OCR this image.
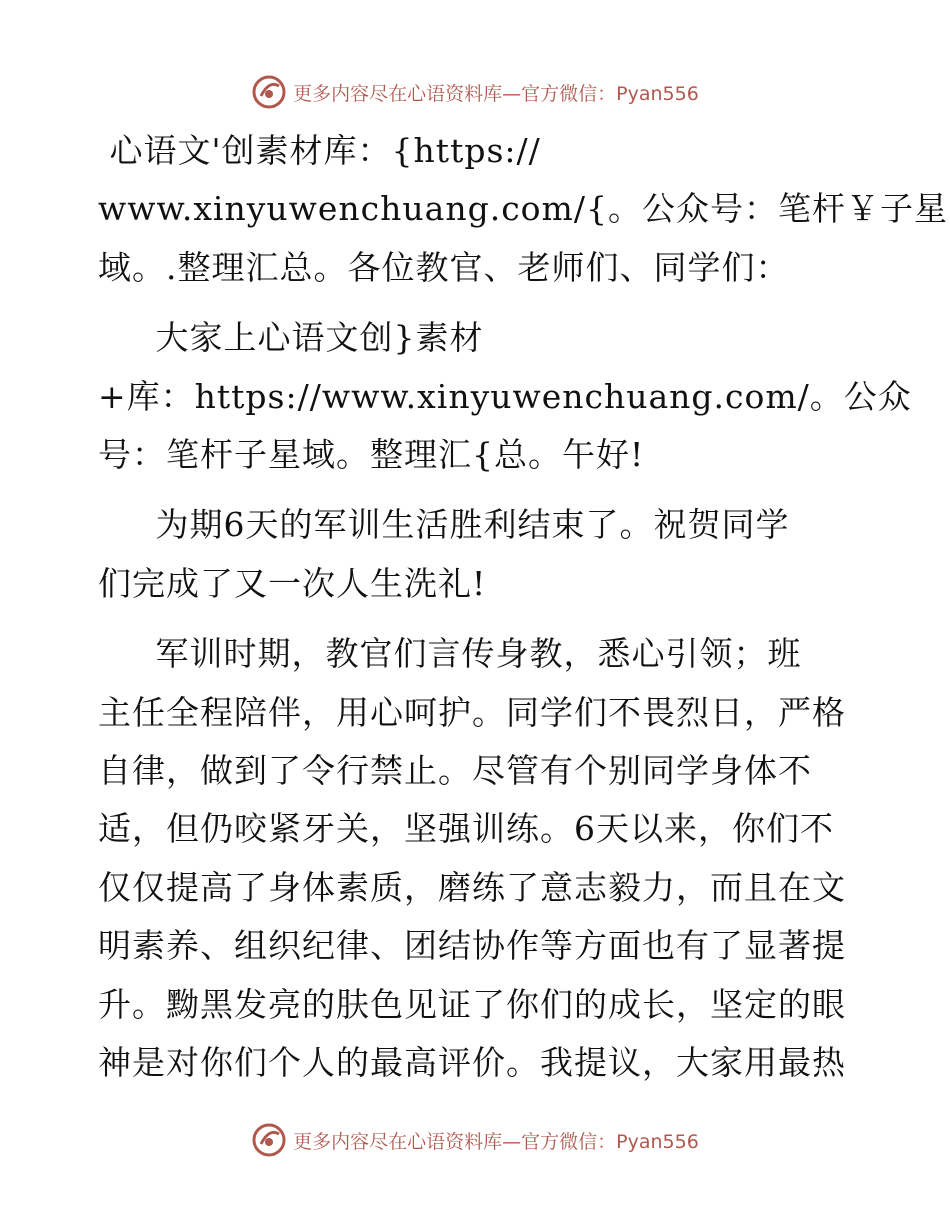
更多内容尽在心语资料库—官方微信：Pyan556

心语文'创素材库：{https://

www.xinyuwenchuang.com/{。公众号：笔杆￥子星

域。.整理汇总。各位教官、老师们、同学们：

大家上心语文创}素材

+库：https://www.xinyuwenchuang.com/。公众

号：笔杆子星域。整理汇{总。午好!

为期6天的军训生活胜利结束了。祝贺同学

们完成了又一次人生洗礼!

军训时期，教官们言传身教，悉心引领；班

主任全程陪伴，用心呵护。同学们不畏烈日，严格

自律，做到了令行禁止。尽管有个别同学身体不

适，但仍咬紧牙关，坚强训练。6天以来，你们不

仅仅提高了身体素质，磨练了意志毅力，而且在文

明素养、组织纪律、团结协作等方面也有了显著提

升。黝黑发亮的肤色见证了你们的成长，坚定的眼

神是对你们个人的最高评价。我提议，大家用最热

更多内容尽在心语资料库—官方微信：Pyan556
